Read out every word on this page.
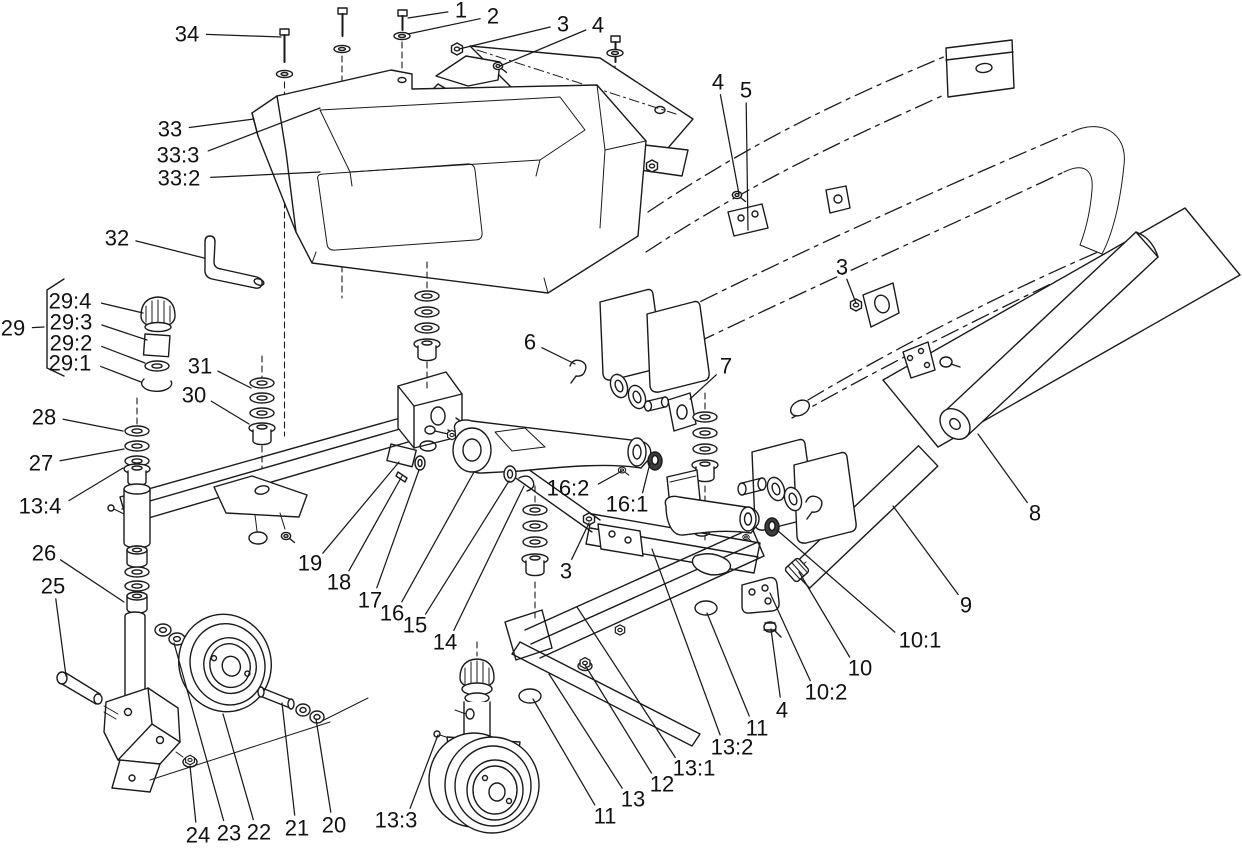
1 2	3 4
34
33
33:3
33:2
4 5
3
32
29
29:4
29:3
29:2
29:1	31
30
28
27
13:4
26
25
6
7
19
18
17
16
15
14
16:2
16:1
3
8
9
10:1
10
10:2
4
11
13:2
13:1
12
13
11
13:3
24 23 22 21 20
